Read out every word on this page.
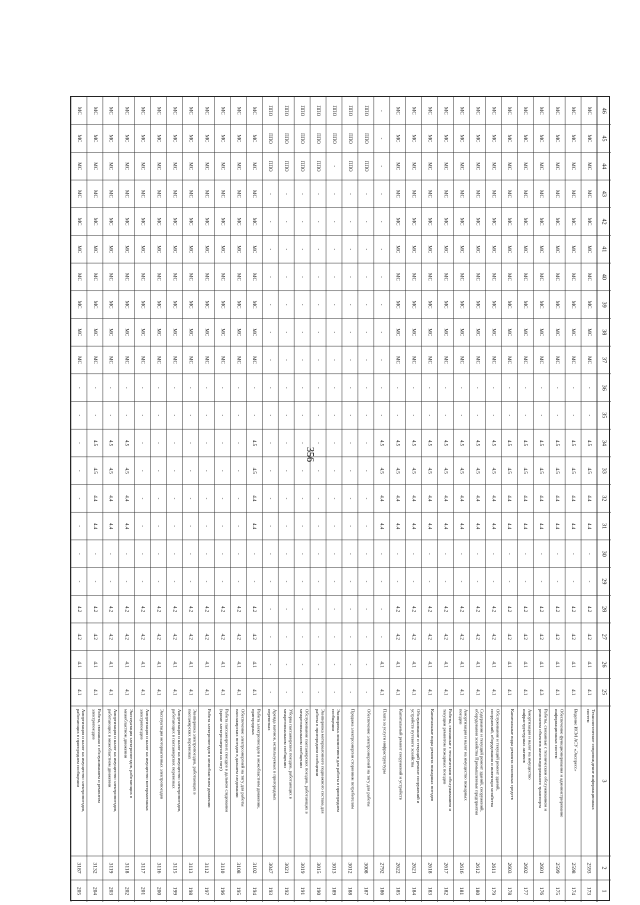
356
1
2
3
25
26
27
28
29
30
31
32
33
34
35
36
37
38
39
40
41
42
43
44
45
46
173
2593
Технологическое сопровождение информационных
систем
4.1
4.1
4.2
4.2
-
-
4.4
4.4
4.5
4.5
-
-
МС
МС
МС
МС
МС
МС
МС
МС
МС
МС
174
2598
Ведение ИСМ АСУ «Экспресс»
4.1
4.1
4.2
4.2
-
-
4.4
4.4
4.5
4.5
-
-
МС
МС
МС
МС
МС
МС
МС
МС
МС
МС
175
2599
Обеспечение функционирования и администрирование
информационных систем
4.1
4.1
4.2
4.2
-
-
4.4
4.4
4.5
4.5
-
-
МС
МС
МС
МС
МС
МС
МС
МС
МС
МС
176
2601
Работы, связанные с техническим обслуживанием и
ремонтом объектов железнодорожного транспорта
4.3
4.1
4.2
4.2
-
-
4.4
4.4
4.5
4.5
-
-
МС
МС
МС
МС
МС
МС
МС
МС
МС
МС
177
2602
Амортизация и налог на имущество
инфраструктурных активов
4.1
4.1
4.2
4.2
-
-
4.4
4.4
4.5
4.5
-
-
МС
МС
МС
МС
МС
МС
МС
МС
МС
МС
178
2603
Капитальные виды ремонта основных средств
4.1
4.1
4.2
4.2
-
-
4.4
4.4
4.5
4.5
-
-
МС
МС
МС
МС
МС
МС
МС
МС
МС
МС
179
2611
Обслуживание и текущий ремонт зданий,
сооружений, оборудования и инвентаря хозяйства
4.1
4.1
4.2
4.2
-
-
4.4
4.4
4.5
4.5
-
-
МС
МС
МС
МС
МС
МС
МС
МС
МС
МС
180
2612
Содержание и текущий ремонт зданий, сооружений,
оборудования хозяйства Промышленные предприятия
4.1
4.1
4.2
4.2
-
-
4.4
4.4
4.5
4.5
-
-
МС
МС
МС
МС
МС
МС
МС
МС
МС
МС
181
2616
Амортизация и налог на имущество пожарных
поездов
4.1
4.1
4.2
4.2
-
-
4.4
4.4
4.5
4.5
-
-
МС
МС
МС
МС
МС
МС
МС
МС
МС
МС
182
2617
Работы, связанные с техническим обслуживанием и
текущим ремонтом пожарных поездов
4.1
4.1
4.2
4.2
-
-
4.4
4.4
4.5
4.5
-
-
МС
МС
МС
МС
МС
МС
МС
МС
МС
МС
183
2618
Капитальные виды ремонта пожарных поездов
4.1
4.1
4.2
4.2
-
-
4.4
4.4
4.5
4.5
-
-
МС
МС
МС
МС
МС
МС
МС
МС
МС
МС
184
2621
Обслуживание и текущий ремонт сооружений и
устройств путевого хозяйства
4.1
4.1
4.2
4.2
-
-
4.4
4.4
4.5
4.5
-
-
МС
МС
МС
МС
МС
МС
МС
МС
МС
МС
185
2622
Капитальный ремонт сооружений и устройств
4.1
4.1
4.2
4.2
-
-
4.4
4.4
4.5
4.5
-
-
МС
МС
МС
МС
МС
МС
МС
МС
МС
МС
186
2792
Плата за услуги инфраструктуры
4.1
4.1
-
-
-
-
4.4
4.4
4.5
4.5
-
-
-
-
-
-
-
-
-
-
-
-
187
3008
Обеспечение электроэнергией на тягу для работы
-
-
-
-
-
-
-
-
-
-
-
-
-
-
-
-
-
-
-
ППО
ППО
ППО
188
3012
Продажа электроэнергии сторонним потребителям
-
-
-
-
-
-
-
-
-
-
-
-
-
-
-
-
-
-
-
ППО
ППО
ППО
189
3013
Экипировка локомотивов для работы в пригородном
сообщении
-
-
-
-
-
-
-
-
-
-
-
-
-
-
-
-
-
-
-
-
ППО
ППО
190
3015
Экипировка моторвагонного подвижного состава для
работы в пригородном сообщении
-
-
-
-
-
-
-
-
-
-
-
-
-
-
-
-
-
-
-
ППО
ППО
ППО
191
3019
Обслуживание пассажирских поездов, работающих в
межрегиональном сообщении
-
-
-
-
-
-
-
-
-
-
-
-
-
-
-
-
-
-
-
ППО
ППО
ППО
192
3021
Уборка пассажирских поездов, работающих в
межрегиональном сообщении
-
-
-
-
-
-
-
-
-
-
-
-
-
-
-
-
-
-
-
ППО
ППО
ППО
193
3047
Аренда вагонов, используемых в пригородных
перевозках
-
-
-
-
-
-
-
-
-
-
-
-
-
-
-
-
-
-
-
ППО
ППО
ППО
194
3102
Работа электропоездов в межобластном движении,
пригородных
4.1
4.1
4.2
4.2
-
-
4.4
4.4
4.5
4.5
-
-
МС
МС
МС
МС
МС
МС
МС
МС
МС
МС
195
3108
Обеспечение электроэнергией на тягу для работы
пассажирских поездов в дальнем следовании
4.1
4.1
4.2
4.2
-
-
-
-
-
-
-
-
МС
МС
МС
МС
МС
МС
МС
МС
МС
МС
196
3110
Работа пассажирских поездов в дальнем следовании
(кроме электроэнергии на тягу)
4.1
4.1
4.2
4.2
-
-
-
-
-
-
-
-
МС
МС
МС
МС
МС
МС
МС
МС
МС
МС
197
3112
Работа электропоездов в межобластном движении
4.1
4.1
4.2
4.2
-
-
-
-
-
-
-
-
МС
МС
МС
МС
МС
МС
МС
МС
МС
МС
198
3113
Экипировка электропоездов, работающих в
пассажирских перевозках
4.1
4.1
4.2
4.2
-
-
-
-
-
-
-
-
МС
МС
МС
МС
МС
МС
МС
МС
МС
МС
199
3115
Амортизация и налог на имущество электропоездов,
работающих в пассажирских перевозках
4.1
4.1
4.2
4.2
-
-
-
-
-
-
-
-
МС
МС
МС
МС
МС
МС
МС
МС
МС
МС
200
3116
Эксплуатация моторвагонных электропоездов
4.1
4.1
4.2
4.2
-
-
-
-
-
-
-
-
МС
МС
МС
МС
МС
МС
МС
МС
МС
МС
201
3117
Амортизация и налог на имущество моторвагонных
электропоездов
4.1
4.1
4.2
4.2
-
-
-
-
-
-
-
-
МС
МС
МС
МС
МС
МС
МС
МС
МС
МС
202
3118
Эксплуатация электропоездов, работающих в
межобластном движении
4.1
4.1
4.2
4.2
-
-
4.4
4.4
4.5
4.5
-
-
МС
МС
МС
МС
МС
МС
МС
МС
МС
МС
203
3119
Амортизация и налог на имущество электропоездов,
работающих в межобластном движении
4.1
4.1
4.2
4.2
-
-
4.4
4.4
4.5
4.5
-
-
МС
МС
МС
МС
МС
МС
МС
МС
МС
МС
204
3132
Работа, связанная с обслуживанием и ремонтом
электропоездов
4.1
4.1
4.2
4.2
-
-
4.4
4.4
4.5
4.5
-
-
МС
МС
МС
МС
МС
МС
МС
МС
МС
МС
205
3187
Амортизация и налог на имущество электропоездов,
работающих в пригородном сообщении
4.1
4.1
4.2
4.2
-
-
-
-
-
-
-
-
МС
МС
МС
МС
МС
МС
МС
МС
МС
МС
